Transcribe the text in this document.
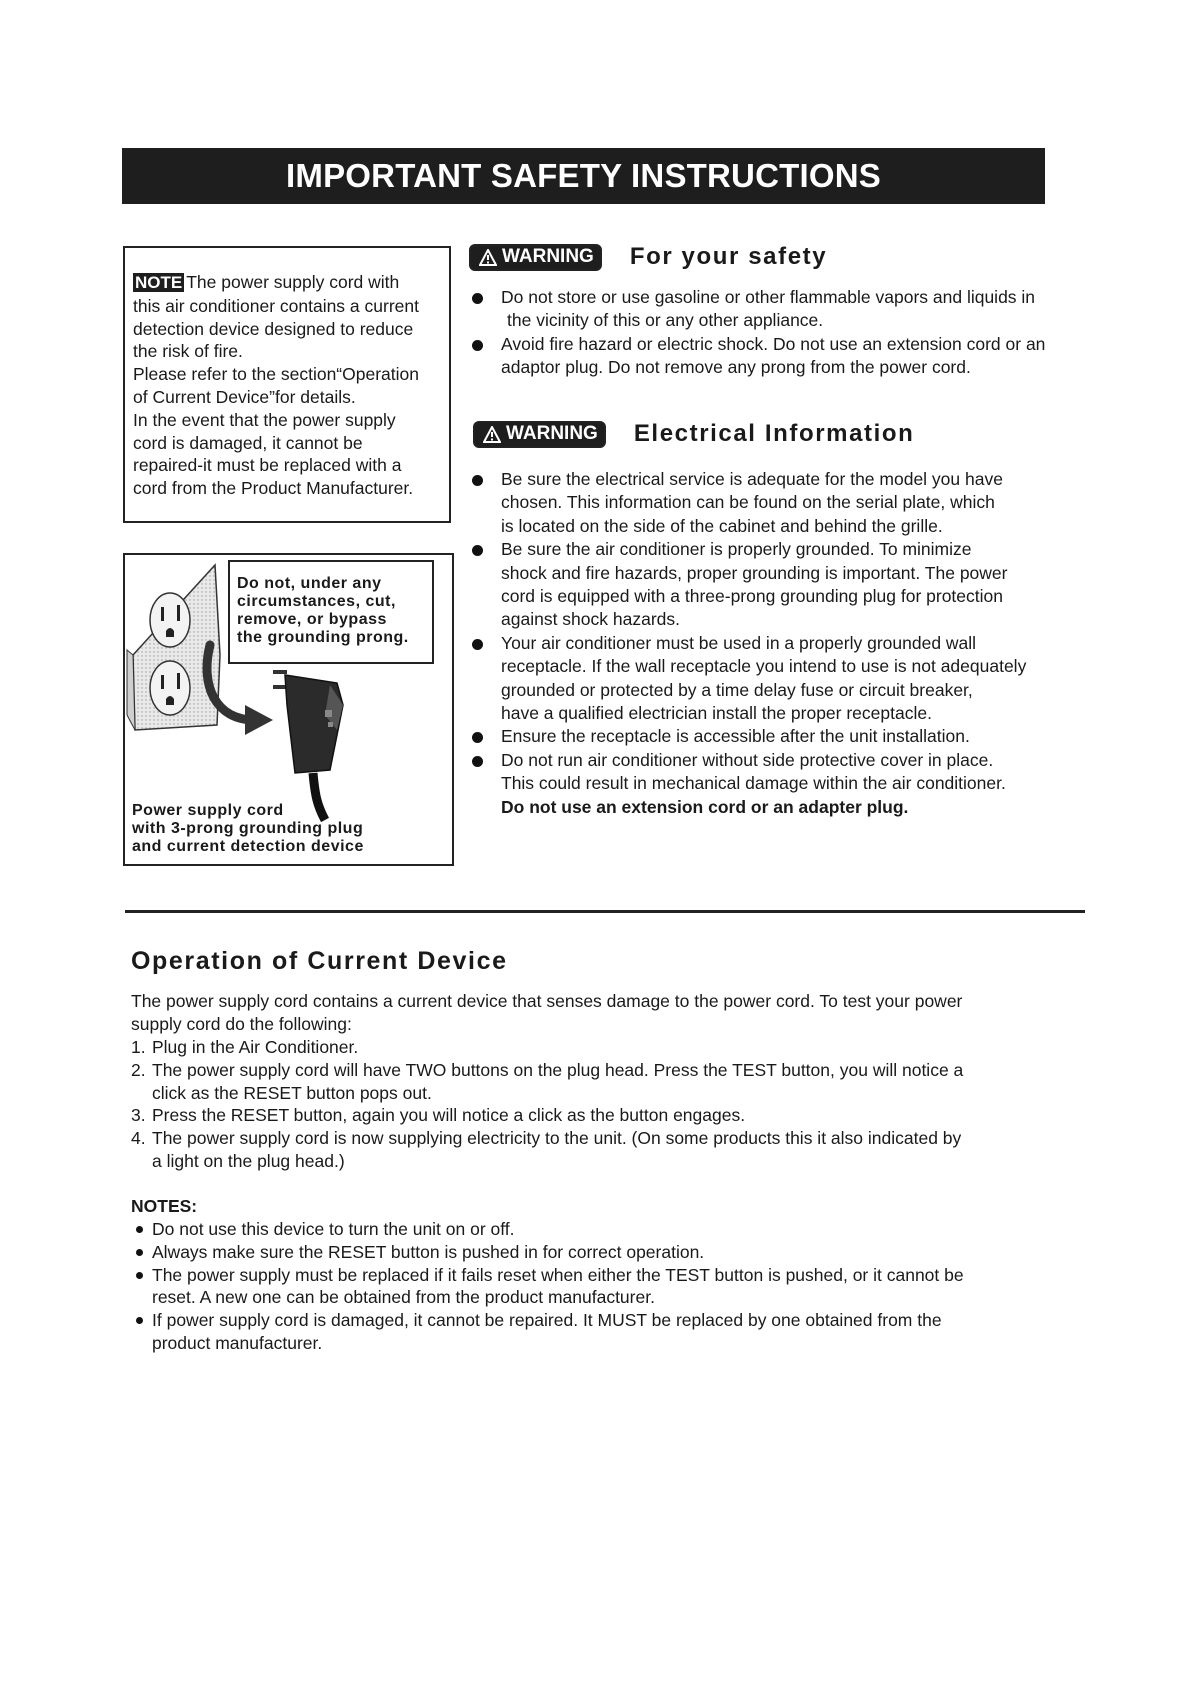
IMPORTANT SAFETY INSTRUCTIONS
NOTE The power supply cord with
this air conditioner contains a current
detection device designed to reduce
the risk of fire.
Please refer to the section“Operation
of Current Device”for details.
In the event that the power supply
cord is damaged, it cannot be
repaired-it must be replaced with a
cord from the Product Manufacturer.
Do not, under any
circumstances, cut,
remove, or bypass
the grounding prong.
Power supply cord
with 3-prong grounding plug
and current detection device
WARNING For your safety
Do not store or use gasoline or other flammable vapors and liquids in
the vicinity of this or any other appliance.
Avoid fire hazard or electric shock. Do not use an extension cord or an
adaptor plug. Do not remove any prong from the power cord.
WARNING Electrical Information
Be sure the electrical service is adequate for the model you have
chosen. This information can be found on the serial plate, which
is located on the side of the cabinet and behind the grille.
Be sure the air conditioner is properly grounded. To minimize
shock and fire hazards, proper grounding is important. The power
cord is equipped with a three-prong grounding plug for protection
against shock hazards.
Your air conditioner must be used in a properly grounded wall
receptacle. If the wall receptacle you intend to use is not adequately
grounded or protected by a time delay fuse or circuit breaker,
have a qualified electrician install the proper receptacle.
Ensure the receptacle is accessible after the unit installation.
Do not run air conditioner without side protective cover in place.
This could result in mechanical damage within the air conditioner.
Do not use an extension cord or an adapter plug.
Operation of Current Device
The power supply cord contains a current device that senses damage to the power cord. To test your power
supply cord do the following:
1. Plug in the Air Conditioner.
2. The power supply cord will have TWO buttons on the plug head. Press the TEST button, you will notice a
click as the RESET button pops out.
3. Press the RESET button, again you will notice a click as the button engages.
4. The power supply cord is now supplying electricity to the unit. (On some products this it also indicated by
a light on the plug head.)
NOTES:
Do not use this device to turn the unit on or off.
Always make sure the RESET button is pushed in for correct operation.
The power supply must be replaced if it fails reset when either the TEST button is pushed, or it cannot be
reset. A new one can be obtained from the product manufacturer.
If power supply cord is damaged, it cannot be repaired. It MUST be replaced by one obtained from the
product manufacturer.
